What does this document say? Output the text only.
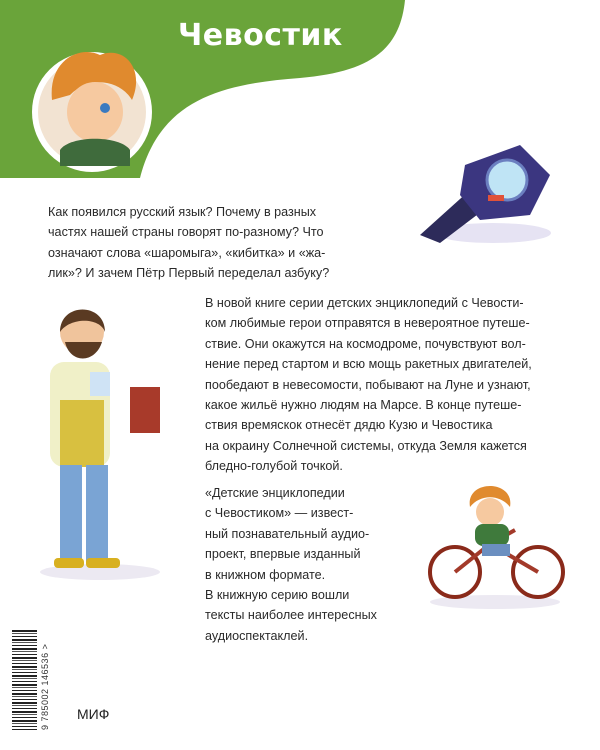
Чевостик
Как появился русский язык? Почему в разных
частях нашей страны говорят по-разному? Что
означают слова «шаромыга», «кибитка» и «жа-
лик»? И зачем Пётр Первый переделал азбуку?
В новой книге серии детских энциклопедий с Чевости-
ком любимые герои отправятся в невероятное путеше-
ствие. Они окажутся на космодроме, почувствуют вол-
нение перед стартом и всю мощь ракетных двигателей,
пообедают в невесомости, побывают на Луне и узнают,
какое жильё нужно людям на Марсе. В конце путеше-
ствия времяскок отнесёт дядю Кузю и Чевостика
на окраину Солнечной системы, откуда Земля кажется
бледно-голубой точкой.
«Детские энциклопедии
с Чевостиком» — извест-
ный познавательный аудио-
проект, впервые изданный
в книжном формате.
В книжную серию вошли
тексты наиболее интересных
аудиоспектаклей.
9 785002 146536 > МИФ
